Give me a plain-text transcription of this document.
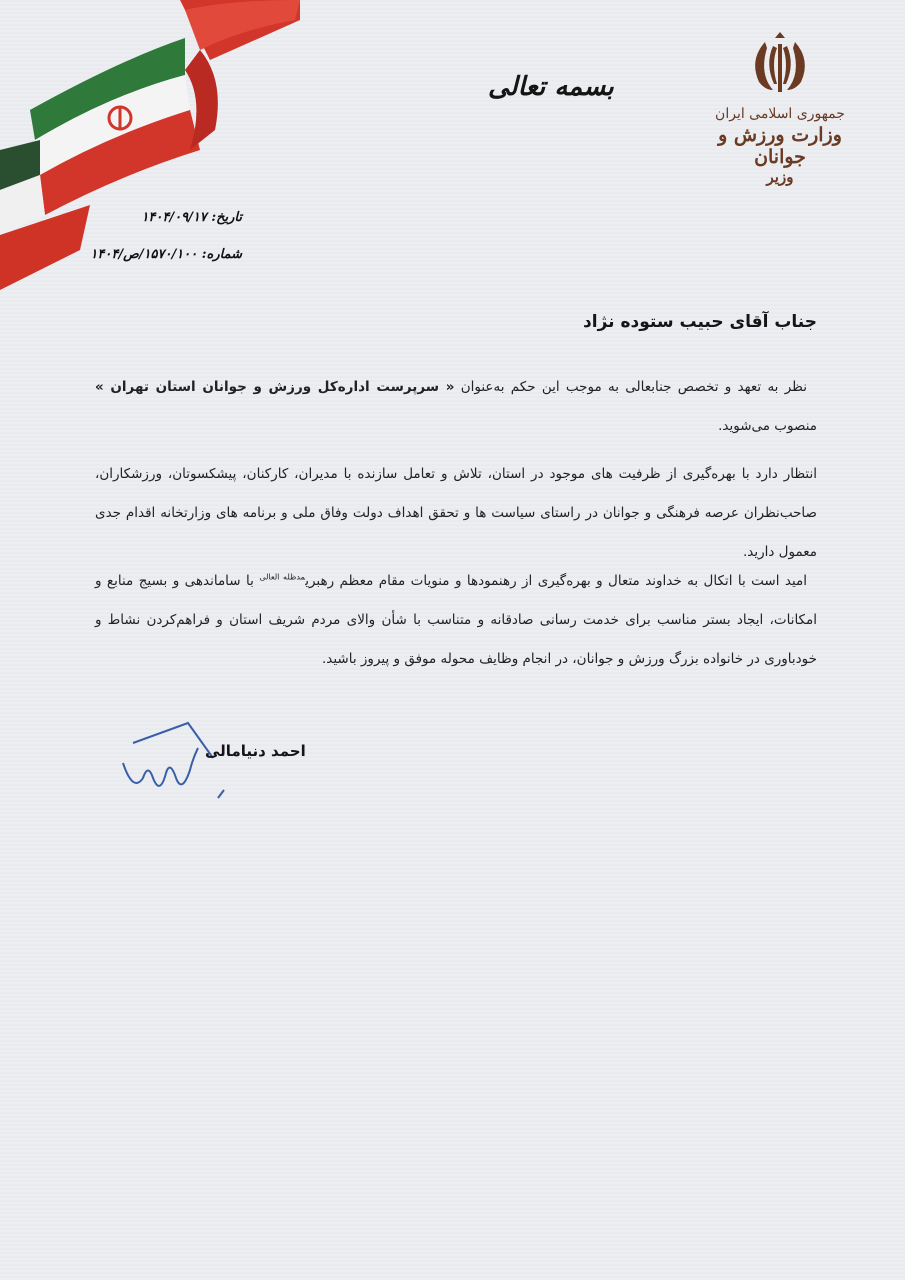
جمهوری اسلامی ایران
وزارت ورزش و جوانان
وزیر
بسمه تعالی
تاریخ: ۱۴۰۴/۰۹/۱۷
شماره: ۱۵۷۰/۱۰۰/ص/۱۴۰۴
جناب آقای حبیب ستوده نژاد
نظر به تعهد و تخصص جنابعالی به موجب این حکم به‌عنوان « سرپرست اداره‌کل ورزش و جوانان استان تهران » منصوب می‌شوید.
انتظار دارد با بهره‌گیری از ظرفیت های موجود در استان، تلاش و تعامل سازنده با مدیران، کارکنان، پیشکسوتان، ورزشکاران، صاحب‌نظران عرصه فرهنگی و جوانان در راستای سیاست ها و تحقق اهداف دولت وفاق ملی و برنامه های وزارتخانه اقدام جدی معمول دارید.
امید است با اتکال به خداوند متعال و بهره‌گیری از رهنمودها و منویات مقام معظم رهبری$^{مدظله العالی}$ با ساماندهی و بسیج منابع و امکانات، ایجاد بستر مناسب برای خدمت رسانی صادقانه و متناسب با شأن والای مردم شریف استان و فراهم‌کردن نشاط و خودباوری در خانواده بزرگ ورزش و جوانان، در انجام وظایف محوله موفق و پیروز باشید.
احمد دنیامالی
